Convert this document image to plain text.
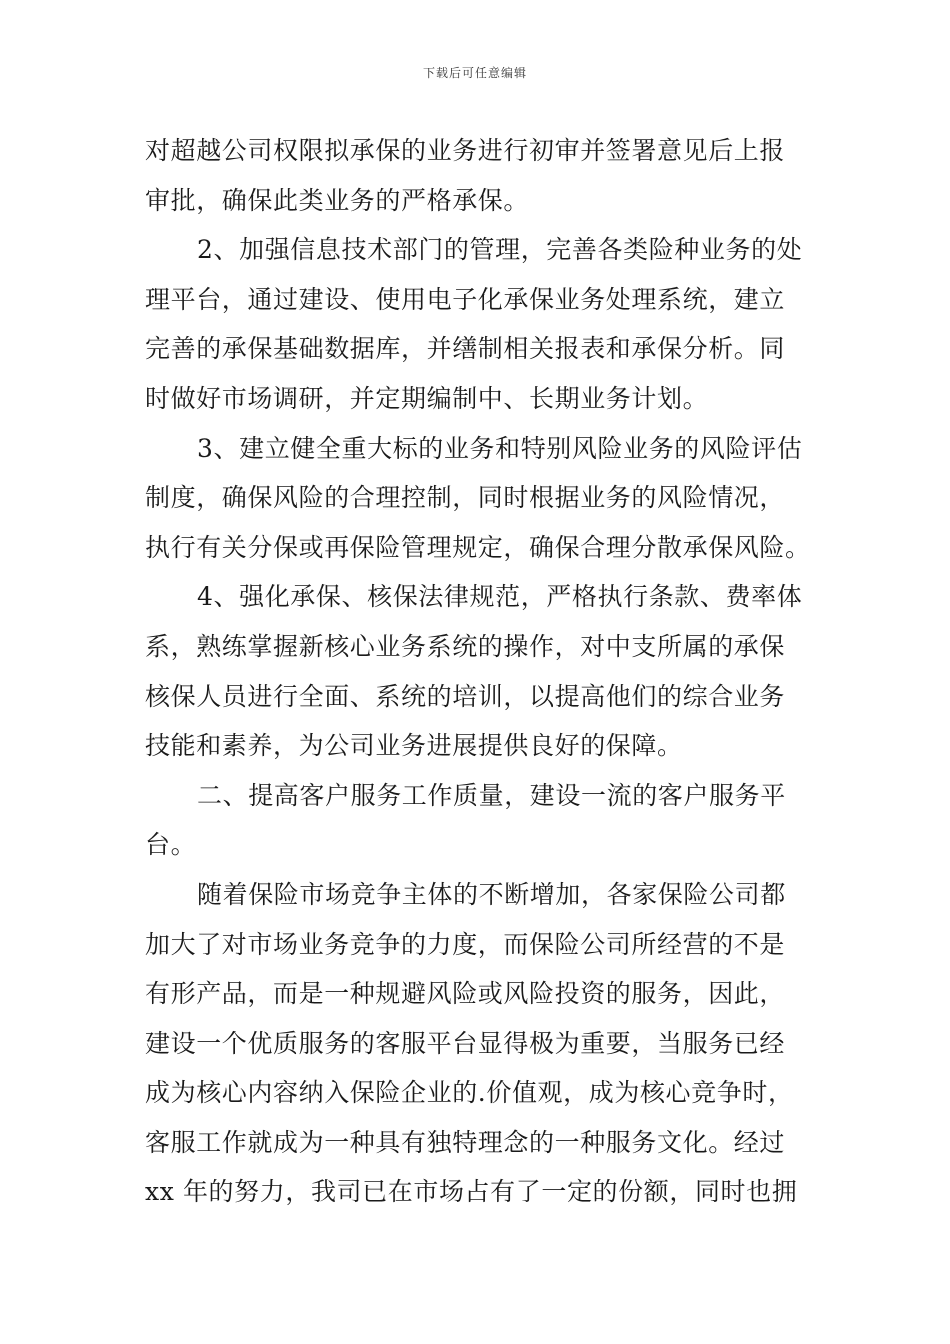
下载后可任意编辑
对超越公司权限拟承保的业务进行初审并签署意见后上报
审批，确保此类业务的严格承保。
2、加强信息技术部门的管理，完善各类险种业务的处
理平台，通过建设、使用电子化承保业务处理系统，建立
完善的承保基础数据库，并缮制相关报表和承保分析。同
时做好市场调研，并定期编制中、长期业务计划。
3、建立健全重大标的业务和特别风险业务的风险评估
制度，确保风险的合理控制，同时根据业务的风险情况，
执行有关分保或再保险管理规定，确保合理分散承保风险。
4、强化承保、核保法律规范，严格执行条款、费率体
系，熟练掌握新核心业务系统的操作，对中支所属的承保
核保人员进行全面、系统的培训，以提高他们的综合业务
技能和素养，为公司业务进展提供良好的保障。
二、提高客户服务工作质量，建设一流的客户服务平
台。
随着保险市场竞争主体的不断增加，各家保险公司都
加大了对市场业务竞争的力度，而保险公司所经营的不是
有形产品，而是一种规避风险或风险投资的服务，因此，
建设一个优质服务的客服平台显得极为重要，当服务已经
成为核心内容纳入保险企业的.价值观，成为核心竞争时，
客服工作就成为一种具有独特理念的一种服务文化。经过
xx 年的努力，我司已在市场占有了一定的份额，同时也拥
